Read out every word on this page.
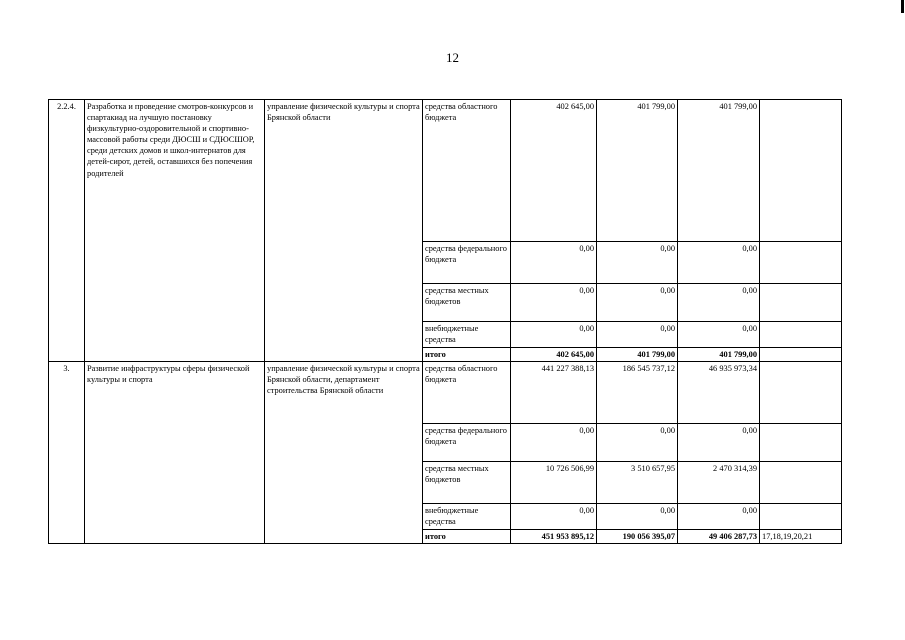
12
2.2.4.	Разработка и проведение смотров-конкурсов и спартакиад на лучшую постановку физкультурно-оздоровительной и спортивно-массовой работы среди ДЮСШ и СДЮСШОР, среди детских домов и школ-интернатов для детей-сирот, детей, оставшихся без попечения родителей	управление физической культуры и спорта Брянской области	средства областного бюджета	402 645,00	401 799,00	401 799,00	
			средства федерального бюджета	0,00	0,00	0,00	
			средства местных бюджетов	0,00	0,00	0,00	
			внебюджетные средства	0,00	0,00	0,00	
			итого	402 645,00	401 799,00	401 799,00	
3.	Развитие инфраструктуры сферы физической культуры и спорта	управление физической культуры и спорта Брянской области, департамент строительства Брянской области	средства областного бюджета	441 227 388,13	186 545 737,12	46 935 973,34	
			средства федерального бюджета	0,00	0,00	0,00	
			средства местных бюджетов	10 726 506,99	3 510 657,95	2 470 314,39	
			внебюджетные средства	0,00	0,00	0,00	
			итого	451 953 895,12	190 056 395,07	49 406 287,73	17,18,19,20,21
